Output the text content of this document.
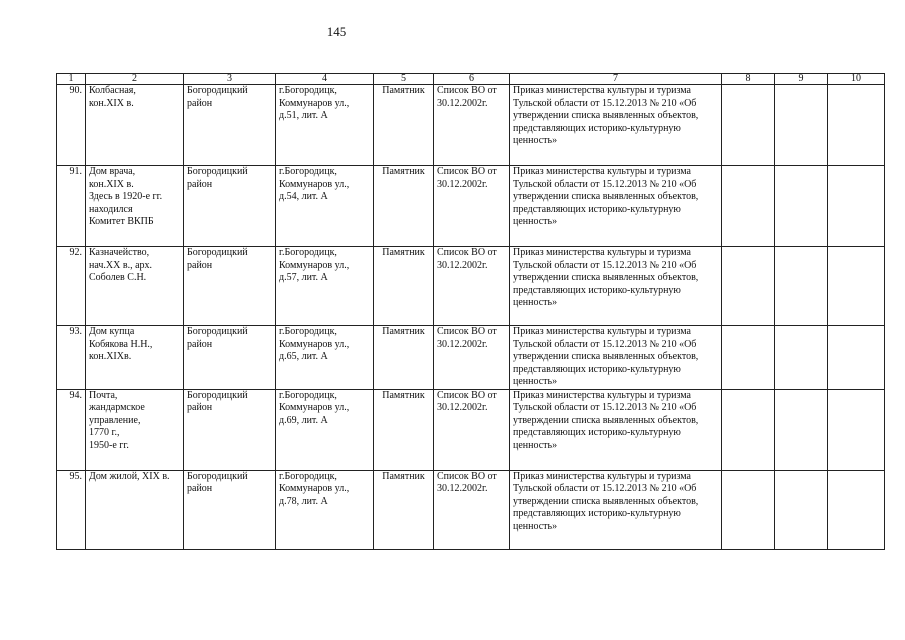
145
1	2	3	4	5	6	7	8	9	10
90.	Колбасная,
кон.XIX в.	Богородицкий
район	г.Богородицк,
Коммунаров ул.,
д.51, лит. А	Памятник	Список ВО от
30.12.2002г.	Приказ министерства культуры и туризма
Тульской области от 15.12.2013 № 210 «Об
утверждении списка выявленных объектов,
представляющих историко-культурную
ценность»			

91.	Дом врача,
кон.XIX в.
Здесь в 1920-е гг.
находился
Комитет ВКПБ	Богородицкий
район	г.Богородицк,
Коммунаров ул.,
д.54, лит. А	Памятник	Список ВО от
30.12.2002г.	Приказ министерства культуры и туризма
Тульской области от 15.12.2013 № 210 «Об
утверждении списка выявленных объектов,
представляющих историко-культурную
ценность»			

92.	Казначейство,
нач.XX в., арх.
Соболев С.Н.	Богородицкий
район	г.Богородицк,
Коммунаров ул.,
д.57, лит. А	Памятник	Список ВО от
30.12.2002г.	Приказ министерства культуры и туризма
Тульской области от 15.12.2013 № 210 «Об
утверждении списка выявленных объектов,
представляющих историко-культурную
ценность»			

93.	Дом купца
Кобякова Н.Н.,
кон.XIXв.	Богородицкий
район	г.Богородицк,
Коммунаров ул.,
д.65, лит. А	Памятник	Список ВО от
30.12.2002г.	Приказ министерства культуры и туризма
Тульской области от 15.12.2013 № 210 «Об
утверждении списка выявленных объектов,
представляющих историко-культурную
ценность»			

94.	Почта,
жандармское
управление,
1770 г.,
1950-е гг.	Богородицкий
район	г.Богородицк,
Коммунаров ул.,
д.69, лит. А	Памятник	Список ВО от
30.12.2002г.	Приказ министерства культуры и туризма
Тульской области от 15.12.2013 № 210 «Об
утверждении списка выявленных объектов,
представляющих историко-культурную
ценность»			

95.	Дом жилой, XIX в.	Богородицкий
район	г.Богородицк,
Коммунаров ул.,
д.78, лит. А	Памятник	Список ВО от
30.12.2002г.	Приказ министерства культуры и туризма
Тульской области от 15.12.2013 № 210 «Об
утверждении списка выявленных объектов,
представляющих историко-культурную
ценность»			
